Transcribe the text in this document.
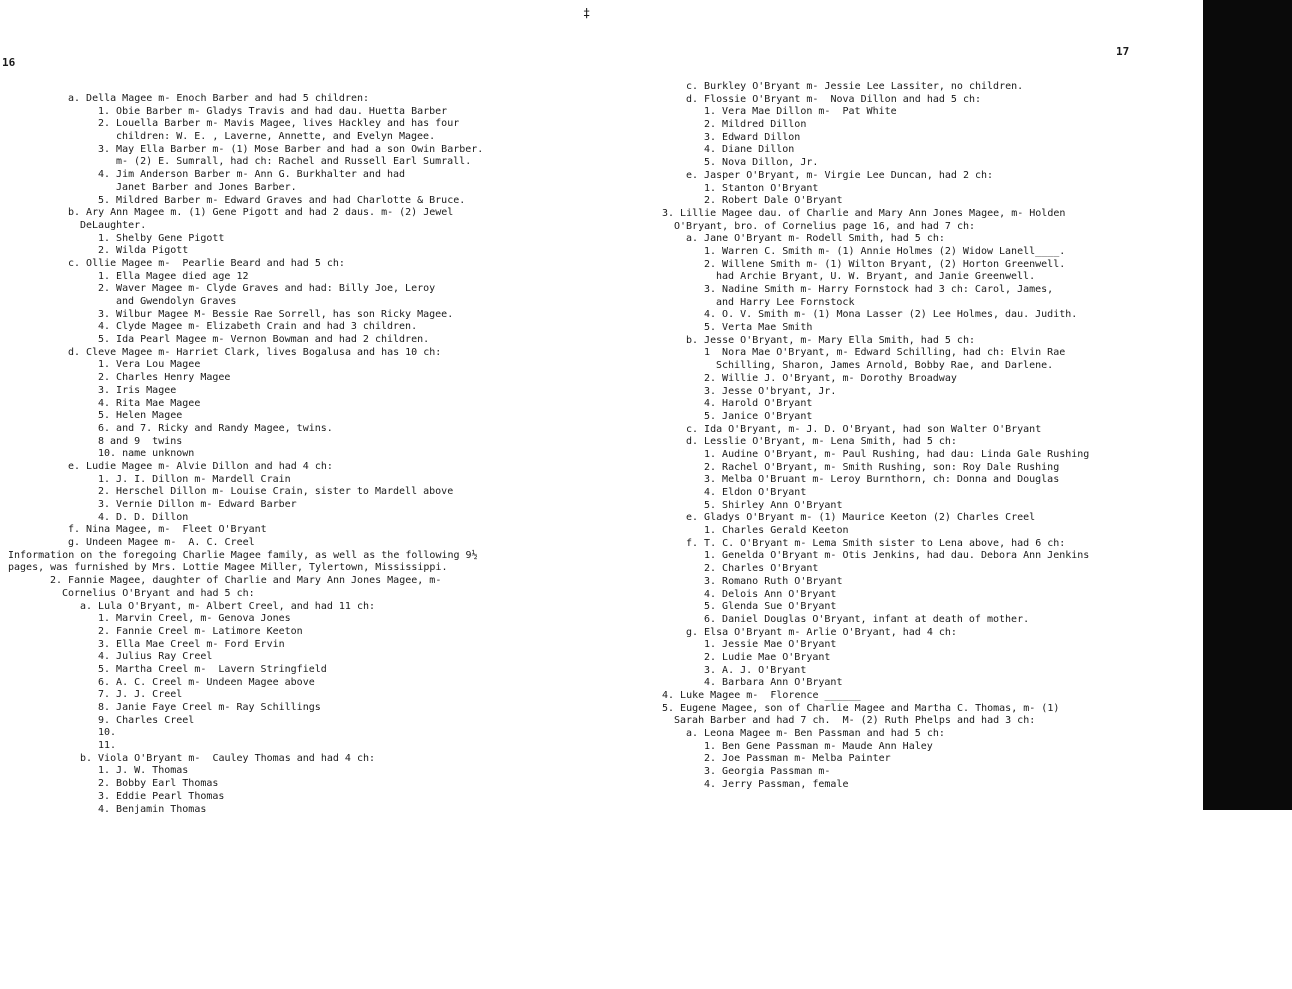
16
17
‡
a. Della Magee m- Enoch Barber and had 5 children:
1. Obie Barber m- Gladys Travis and had dau. Huetta Barber
2. Louella Barber m- Mavis Magee, lives Hackley and has four
children: W. E. , Laverne, Annette, and Evelyn Magee.
3. May Ella Barber m- (1) Mose Barber and had a son Owin Barber.
m- (2) E. Sumrall, had ch: Rachel and Russell Earl Sumrall.
4. Jim Anderson Barber m- Ann G. Burkhalter and had
Janet Barber and Jones Barber.
5. Mildred Barber m- Edward Graves and had Charlotte & Bruce.
b. Ary Ann Magee m. (1) Gene Pigott and had 2 daus. m- (2) Jewel
DeLaughter.
1. Shelby Gene Pigott
2. Wilda Pigott
c. Ollie Magee m-  Pearlie Beard and had 5 ch:
1. Ella Magee died age 12
2. Waver Magee m- Clyde Graves and had: Billy Joe, Leroy
and Gwendolyn Graves
3. Wilbur Magee M- Bessie Rae Sorrell, has son Ricky Magee.
4. Clyde Magee m- Elizabeth Crain and had 3 children.
5. Ida Pearl Magee m- Vernon Bowman and had 2 children.
d. Cleve Magee m- Harriet Clark, lives Bogalusa and has 10 ch:
1. Vera Lou Magee
2. Charles Henry Magee
3. Iris Magee
4. Rita Mae Magee
5. Helen Magee
6. and 7. Ricky and Randy Magee, twins.
8 and 9  twins
10. name unknown
e. Ludie Magee m- Alvie Dillon and had 4 ch:
1. J. I. Dillon m- Mardell Crain
2. Herschel Dillon m- Louise Crain, sister to Mardell above
3. Vernie Dillon m- Edward Barber
4. D. D. Dillon
f. Nina Magee, m-  Fleet O'Bryant
g. Undeen Magee m-  A. C. Creel
Information on the foregoing Charlie Magee family, as well as the following 9½
pages, was furnished by Mrs. Lottie Magee Miller, Tylertown, Mississippi.
2. Fannie Magee, daughter of Charlie and Mary Ann Jones Magee, m-
Cornelius O'Bryant and had 5 ch:
a. Lula O'Bryant, m- Albert Creel, and had 11 ch:
1. Marvin Creel, m- Genova Jones
2. Fannie Creel m- Latimore Keeton
3. Ella Mae Creel m- Ford Ervin
4. Julius Ray Creel
5. Martha Creel m-  Lavern Stringfield
6. A. C. Creel m- Undeen Magee above
7. J. J. Creel
8. Janie Faye Creel m- Ray Schillings
9. Charles Creel
10.
11.
b. Viola O'Bryant m-  Cauley Thomas and had 4 ch:
1. J. W. Thomas
2. Bobby Earl Thomas
3. Eddie Pearl Thomas
4. Benjamin Thomas
c. Burkley O'Bryant m- Jessie Lee Lassiter, no children.
d. Flossie O'Bryant m-  Nova Dillon and had 5 ch:
1. Vera Mae Dillon m-  Pat White
2. Mildred Dillon
3. Edward Dillon
4. Diane Dillon
5. Nova Dillon, Jr.
e. Jasper O'Bryant, m- Virgie Lee Duncan, had 2 ch:
1. Stanton O'Bryant
2. Robert Dale O'Bryant
3. Lillie Magee dau. of Charlie and Mary Ann Jones Magee, m- Holden
O'Bryant, bro. of Cornelius page 16, and had 7 ch:
a. Jane O'Bryant m- Rodell Smith, had 5 ch:
1. Warren C. Smith m- (1) Annie Holmes (2) Widow Lanell____.
2. Willene Smith m- (1) Wilton Bryant, (2) Horton Greenwell.
had Archie Bryant, U. W. Bryant, and Janie Greenwell.
3. Nadine Smith m- Harry Fornstock had 3 ch: Carol, James,
and Harry Lee Fornstock
4. O. V. Smith m- (1) Mona Lasser (2) Lee Holmes, dau. Judith.
5. Verta Mae Smith
b. Jesse O'Bryant, m- Mary Ella Smith, had 5 ch:
1  Nora Mae O'Bryant, m- Edward Schilling, had ch: Elvin Rae
Schilling, Sharon, James Arnold, Bobby Rae, and Darlene.
2. Willie J. O'Bryant, m- Dorothy Broadway
3. Jesse O'bryant, Jr.
4. Harold O'Bryant
5. Janice O'Bryant
c. Ida O'Bryant, m- J. D. O'Bryant, had son Walter O'Bryant
d. Lesslie O'Bryant, m- Lena Smith, had 5 ch:
1. Audine O'Bryant, m- Paul Rushing, had dau: Linda Gale Rushing
2. Rachel O'Bryant, m- Smith Rushing, son: Roy Dale Rushing
3. Melba O'Bruant m- Leroy Burnthorn, ch: Donna and Douglas
4. Eldon O'Bryant
5. Shirley Ann O'Bryant
e. Gladys O'Bryant m- (1) Maurice Keeton (2) Charles Creel
1. Charles Gerald Keeton
f. T. C. O'Bryant m- Lema Smith sister to Lena above, had 6 ch:
1. Genelda O'Bryant m- Otis Jenkins, had dau. Debora Ann Jenkins
2. Charles O'Bryant
3. Romano Ruth O'Bryant
4. Delois Ann O'Bryant
5. Glenda Sue O'Bryant
6. Daniel Douglas O'Bryant, infant at death of mother.
g. Elsa O'Bryant m- Arlie O'Bryant, had 4 ch:
1. Jessie Mae O'Bryant
2. Ludie Mae O'Bryant
3. A. J. O'Bryant
4. Barbara Ann O'Bryant
4. Luke Magee m-  Florence ______
5. Eugene Magee, son of Charlie Magee and Martha C. Thomas, m- (1)
Sarah Barber and had 7 ch.  M- (2) Ruth Phelps and had 3 ch:
a. Leona Magee m- Ben Passman and had 5 ch:
1. Ben Gene Passman m- Maude Ann Haley
2. Joe Passman m- Melba Painter
3. Georgia Passman m-
4. Jerry Passman, female
